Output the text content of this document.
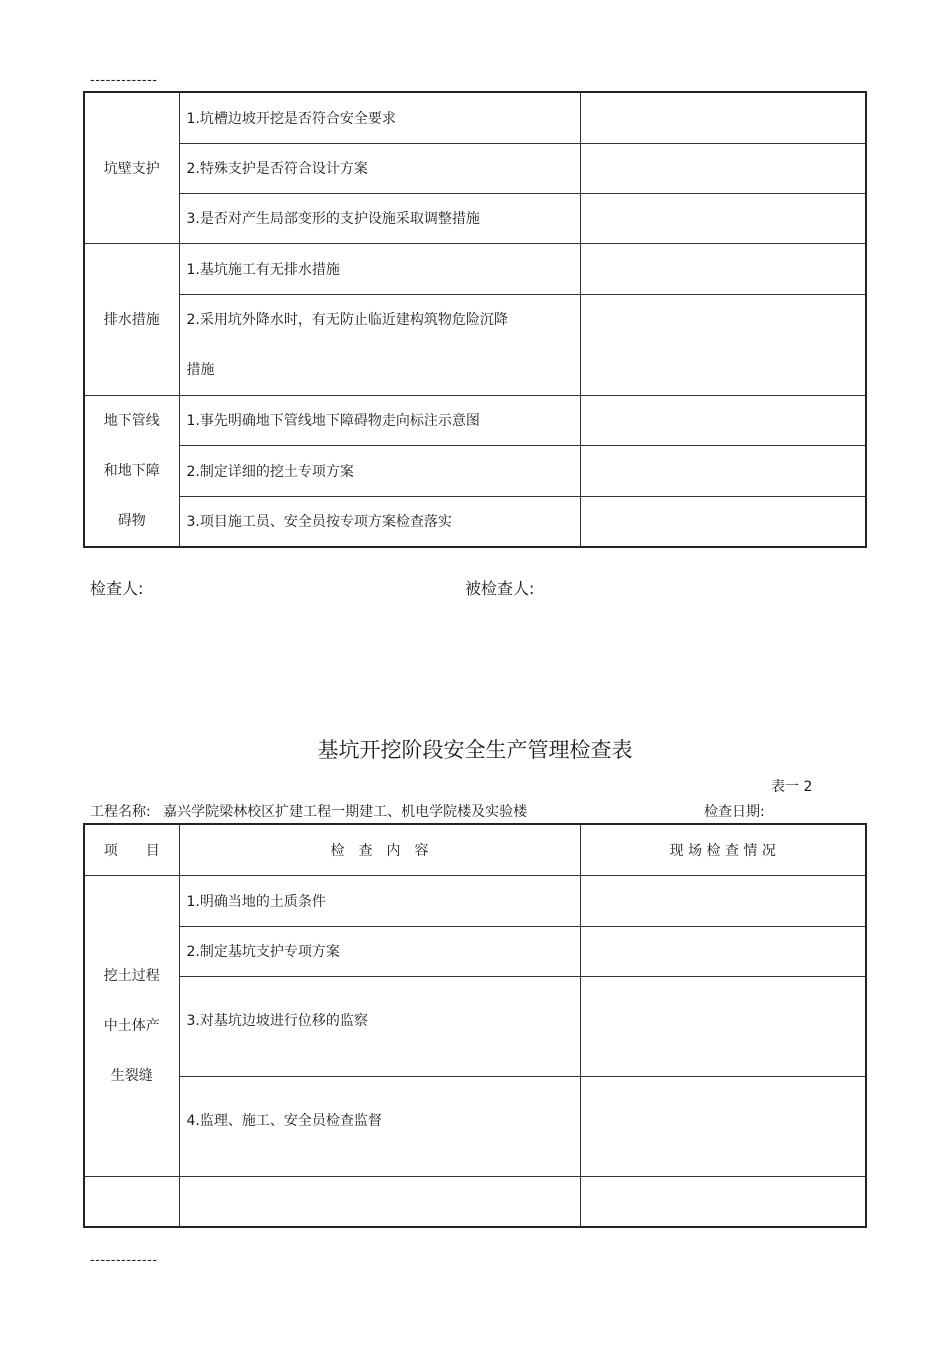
-------------
坑壁支护	1.坑槽边坡开挖是否符合安全要求	
	2.特殊支护是否符合设计方案	
	3.是否对产生局部变形的支护设施采取调整措施	

排水措施	1.基坑施工有无排水措施	

	2.采用坑外降水时，有无防止临近建构筑物危险沉降
措施	

地下管线
和地下障
碍物	1.事先明确地下管线地下障碍物走向标注示意图	
	2.制定详细的挖土专项方案	
	3.项目施工员、安全员按专项方案检查落实	
检查人:	被检查人:
基坑开挖阶段安全生产管理检查表
表一 2
工程名称: 嘉兴学院梁林校区扩建工程一期建工、机电学院楼及实验楼	检查日期:
项　　目	检　查　内　容	现 场 检 查 情 况

挖土过程
中土体产
生裂缝	1.明确当地的土质条件	
	2.制定基坑支护专项方案	
	3.对基坑边坡进行位移的监察	
	4.监理、施工、安全员检查监督	

-------------
